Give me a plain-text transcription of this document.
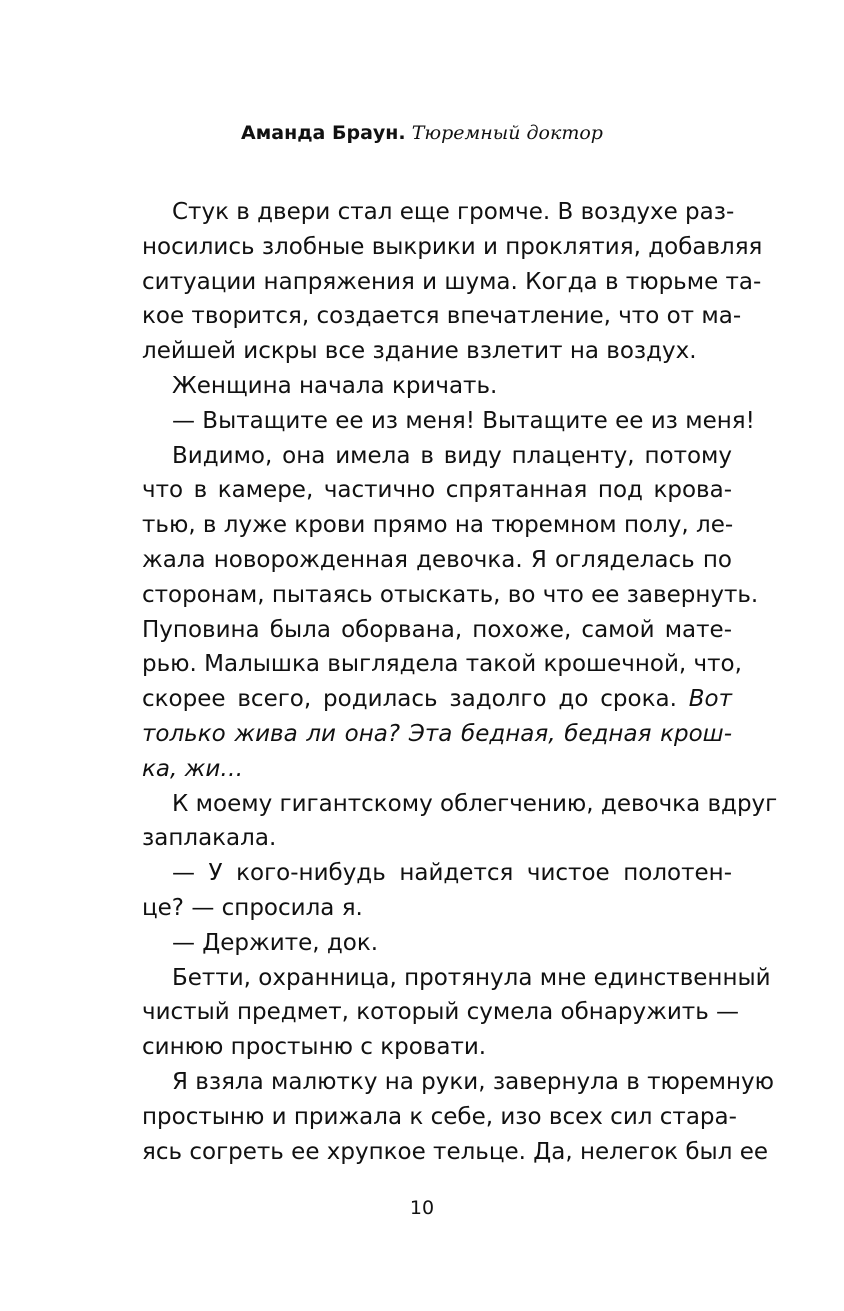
Аманда Браун. Тюремный доктор
Стук в двери стал еще громче. В воздухе раз-
носились злобные выкрики и проклятия, добавляя
ситуации напряжения и шума. Когда в тюрьме та-
кое творится, создается впечатление, что от ма-
лейшей искры все здание взлетит на воздух.
Женщина начала кричать.
— Вытащите ее из меня! Вытащите ее из меня!
Видимо, она имела в виду плаценту, потому
что в камере, частично спрятанная под крова-
тью, в луже крови прямо на тюремном полу, ле-
жала новорожденная девочка. Я огляделась по
сторонам, пытаясь отыскать, во что ее завернуть.
Пуповина была оборвана, похоже, самой мате-
рью. Малышка выглядела такой крошечной, что,
скорее всего, родилась задолго до срока. Вот
только жива ли она? Эта бедная, бедная крош-
ка, жи…
К моему гигантскому облегчению, девочка вдруг
заплакала.
— У кого-нибудь найдется чистое полотен-
це? — спросила я.
— Держите, док.
Бетти, охранница, протянула мне единственный
чистый предмет, который сумела обнаружить —
синюю простыню с кровати.
Я взяла малютку на руки, завернула в тюремную
простыню и прижала к себе, изо всех сил стара-
ясь согреть ее хрупкое тельце. Да, нелегок был ее
10
